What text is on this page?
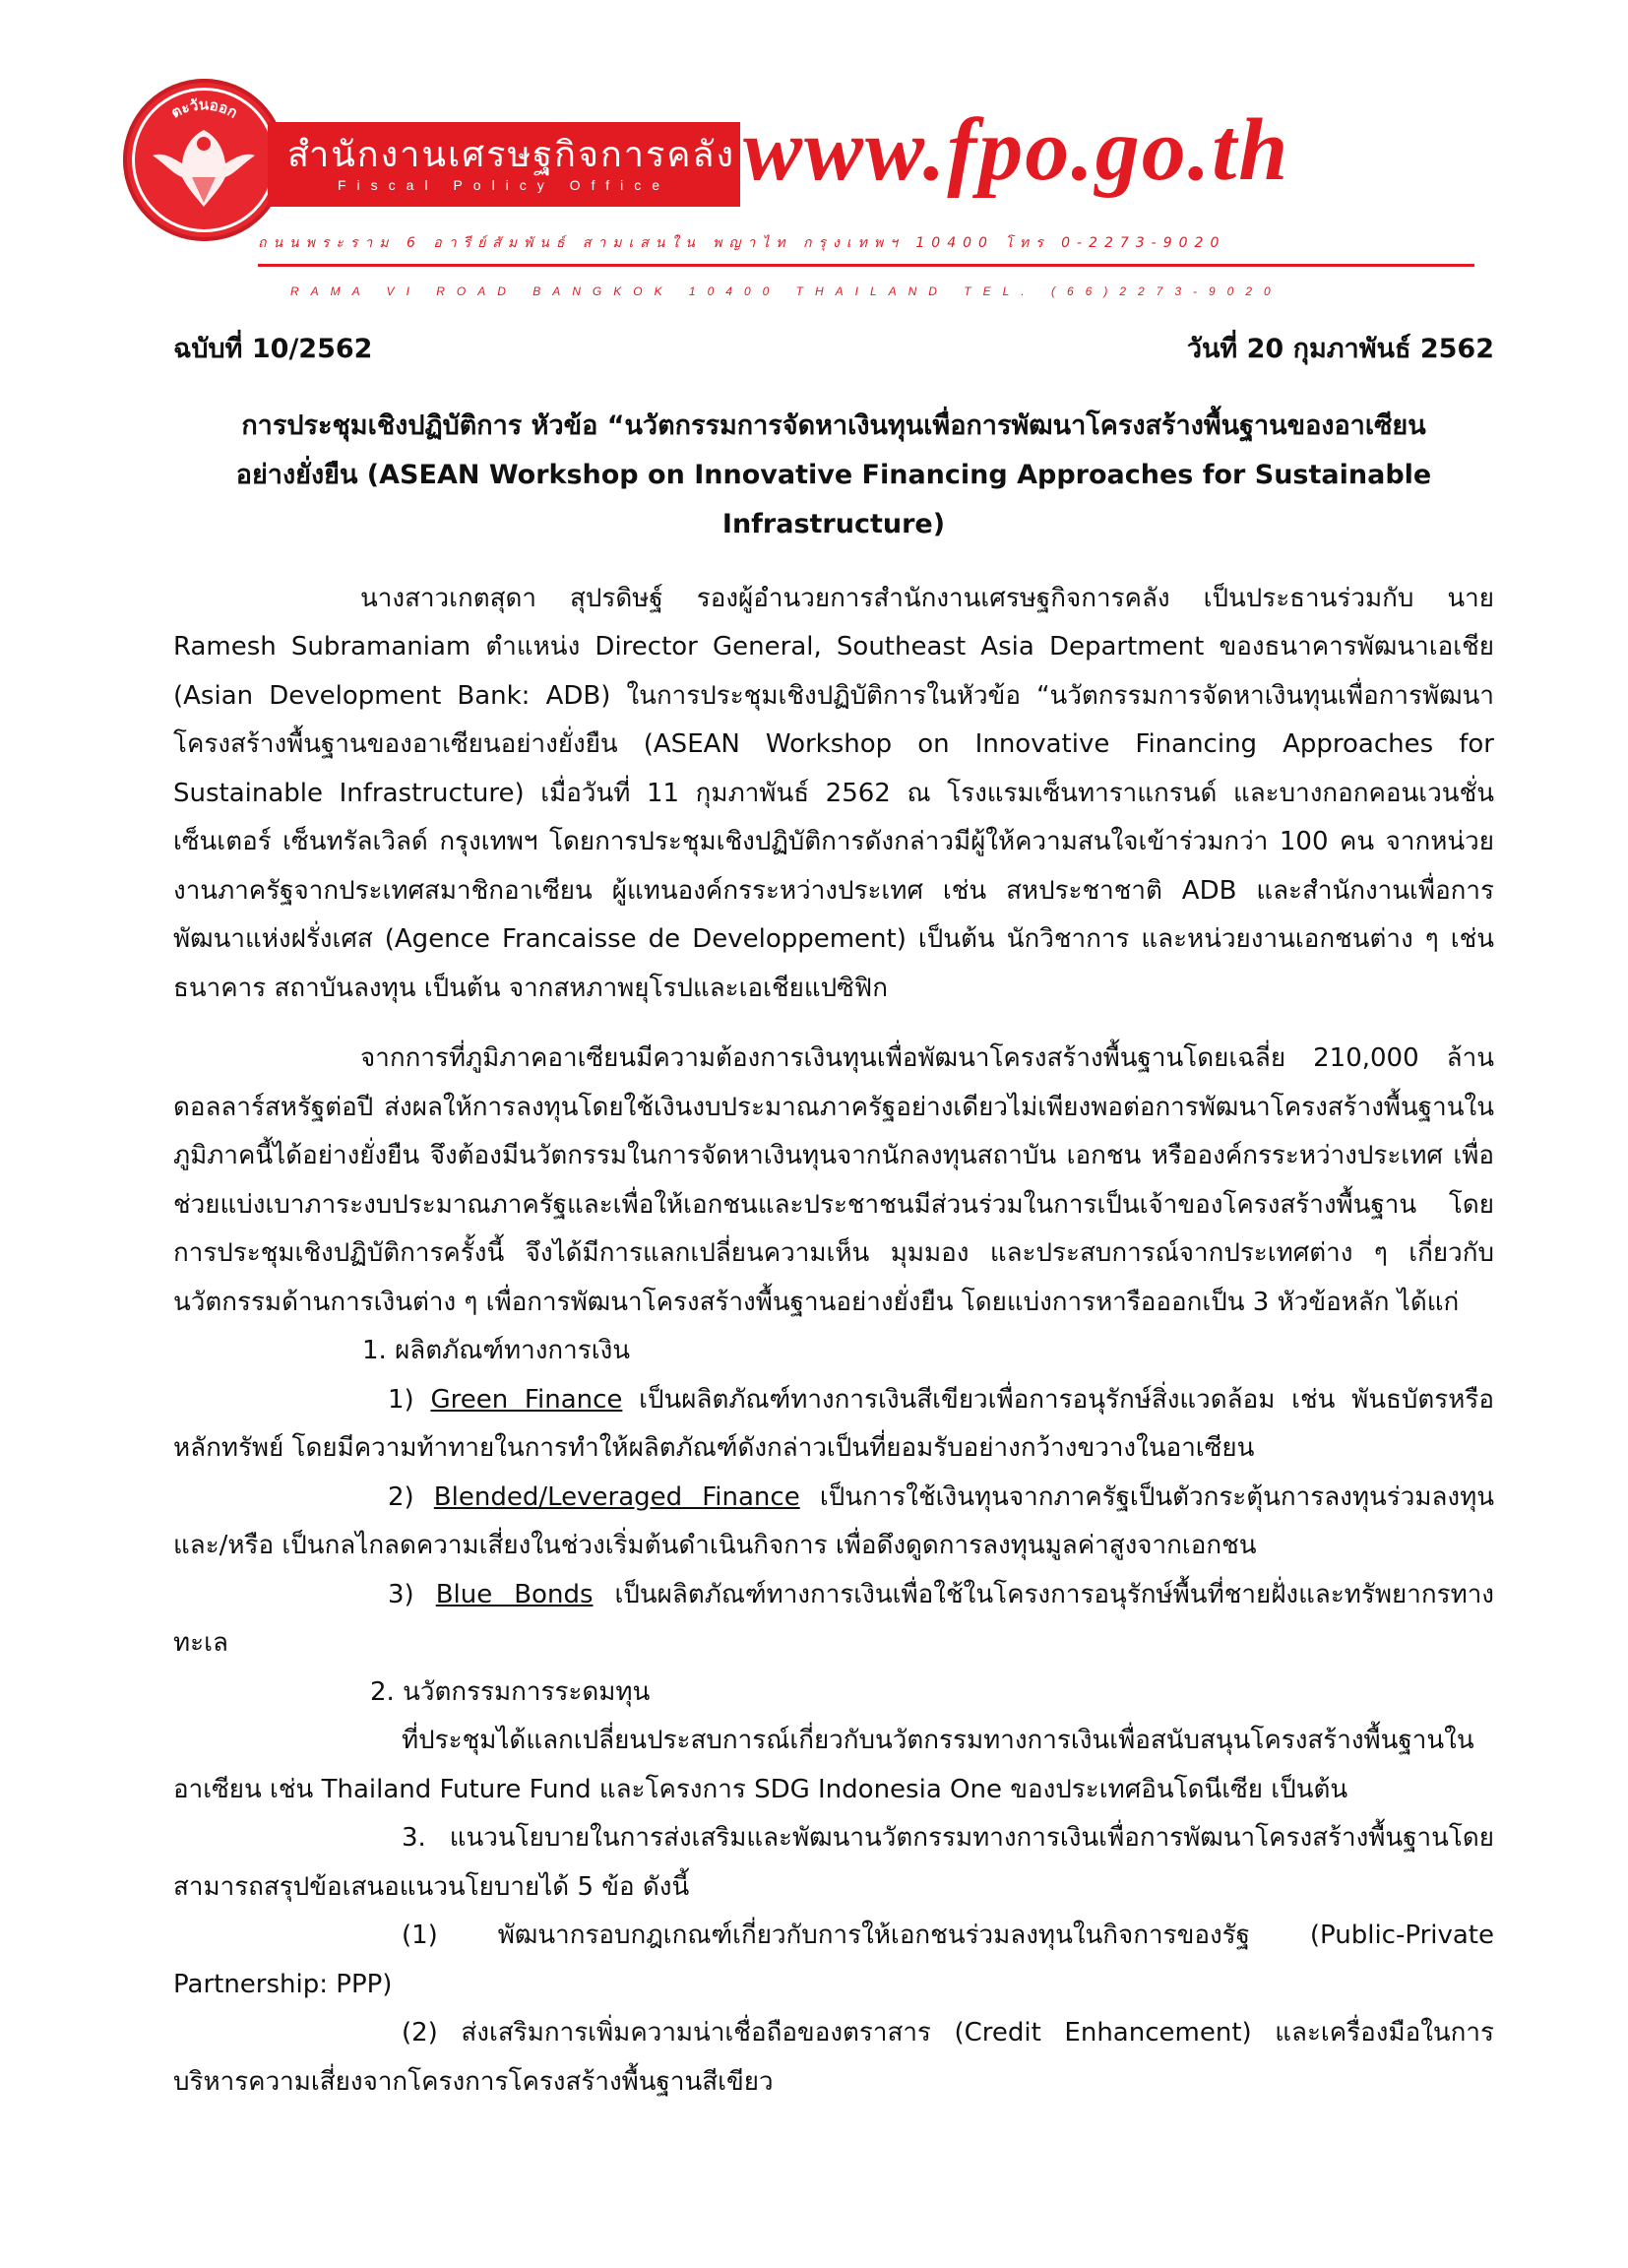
ตะวันออก
สำนักงานเศรษฐกิจการคลัง
Fiscal Policy Office www.fpo.go.th
ถนนพระราม 6 อารีย์สัมพันธ์ สามเสนใน พญาไท กรุงเทพฯ 10400 โทร 0-2273-9020
RAMA VI ROAD BANGKOK 10400 THAILAND TEL. (66)2273-9020
ฉบับที่ 10/2562	วันที่ 20 กุมภาพันธ์ 2562
การประชุมเชิงปฏิบัติการ หัวข้อ “นวัตกรรมการจัดหาเงินทุนเพื่อการพัฒนาโครงสร้างพื้นฐานของอาเซียน
อย่างยั่งยืน (ASEAN Workshop on Innovative Financing Approaches for Sustainable Infrastructure)

นางสาวเกตสุดา สุปรดิษฐ์ รองผู้อำนวยการสำนักงานเศรษฐกิจการคลัง เป็นประธานร่วมกับ นาย Ramesh Subramaniam ตำแหน่ง Director General, Southeast Asia Department ของธนาคารพัฒนาเอเชีย (Asian Development Bank: ADB) ในการประชุมเชิงปฏิบัติการในหัวข้อ “นวัตกรรมการจัดหาเงินทุนเพื่อการพัฒนาโครงสร้างพื้นฐานของอาเซียนอย่างยั่งยืน (ASEAN Workshop on Innovative Financing Approaches for Sustainable Infrastructure) เมื่อวันที่ 11 กุมภาพันธ์ 2562 ณ โรงแรมเซ็นทาราแกรนด์ และบางกอกคอนเวนชั่นเซ็นเตอร์ เซ็นทรัลเวิลด์ กรุงเทพฯ โดยการประชุมเชิงปฏิบัติการดังกล่าวมีผู้ให้ความสนใจเข้าร่วมกว่า 100 คน จากหน่วยงานภาครัฐจากประเทศสมาชิกอาเซียน ผู้แทนองค์กรระหว่างประเทศ เช่น สหประชาชาติ ADB และสำนักงานเพื่อการพัฒนาแห่งฝรั่งเศส (Agence Francaisse de Developpement) เป็นต้น นักวิชาการ และหน่วยงานเอกชนต่าง ๆ เช่น ธนาคาร สถาบันลงทุน เป็นต้น จากสหภาพยุโรปและเอเชียแปซิฟิก

จากการที่ภูมิภาคอาเซียนมีความต้องการเงินทุนเพื่อพัฒนาโครงสร้างพื้นฐานโดยเฉลี่ย 210,000 ล้านดอลลาร์สหรัฐต่อปี ส่งผลให้การลงทุนโดยใช้เงินงบประมาณภาครัฐอย่างเดียวไม่เพียงพอต่อการพัฒนาโครงสร้างพื้นฐานในภูมิภาคนี้ได้อย่างยั่งยืน จึงต้องมีนวัตกรรมในการจัดหาเงินทุนจากนักลงทุนสถาบัน เอกชน หรือองค์กรระหว่างประเทศ เพื่อช่วยแบ่งเบาภาระงบประมาณภาครัฐและเพื่อให้เอกชนและประชาชนมีส่วนร่วมในการเป็นเจ้าของโครงสร้างพื้นฐาน โดยการประชุมเชิงปฏิบัติการครั้งนี้ จึงได้มีการแลกเปลี่ยนความเห็น มุมมอง และประสบการณ์จากประเทศต่าง ๆ เกี่ยวกับนวัตกรรมด้านการเงินต่าง ๆ เพื่อการพัฒนาโครงสร้างพื้นฐานอย่างยั่งยืน โดยแบ่งการหารือออกเป็น 3 หัวข้อหลัก ได้แก่

1. ผลิตภัณฑ์ทางการเงิน
1) Green Finance เป็นผลิตภัณฑ์ทางการเงินสีเขียวเพื่อการอนุรักษ์สิ่งแวดล้อม เช่น พันธบัตรหรือหลักทรัพย์ โดยมีความท้าทายในการทำให้ผลิตภัณฑ์ดังกล่าวเป็นที่ยอมรับอย่างกว้างขวางในอาเซียน
2) Blended/Leveraged Finance เป็นการใช้เงินทุนจากภาครัฐเป็นตัวกระตุ้นการลงทุนร่วมลงทุน และ/หรือ เป็นกลไกลดความเสี่ยงในช่วงเริ่มต้นดำเนินกิจการ เพื่อดึงดูดการลงทุนมูลค่าสูงจากเอกชน
3) Blue Bonds เป็นผลิตภัณฑ์ทางการเงินเพื่อใช้ในโครงการอนุรักษ์พื้นที่ชายฝั่งและทรัพยากรทางทะเล
2. นวัตกรรมการระดมทุน
ที่ประชุมได้แลกเปลี่ยนประสบการณ์เกี่ยวกับนวัตกรรมทางการเงินเพื่อสนับสนุนโครงสร้างพื้นฐานในอาเซียน เช่น Thailand Future Fund และโครงการ SDG Indonesia One ของประเทศอินโดนีเซีย เป็นต้น
3. แนวนโยบายในการส่งเสริมและพัฒนานวัตกรรมทางการเงินเพื่อการพัฒนาโครงสร้างพื้นฐานโดยสามารถสรุปข้อเสนอแนวนโยบายได้ 5 ข้อ ดังนี้
(1) พัฒนากรอบกฎเกณฑ์เกี่ยวกับการให้เอกชนร่วมลงทุนในกิจการของรัฐ (Public-Private Partnership: PPP)
(2) ส่งเสริมการเพิ่มความน่าเชื่อถือของตราสาร (Credit Enhancement) และเครื่องมือในการบริหารความเสี่ยงจากโครงการโครงสร้างพื้นฐานสีเขียว
